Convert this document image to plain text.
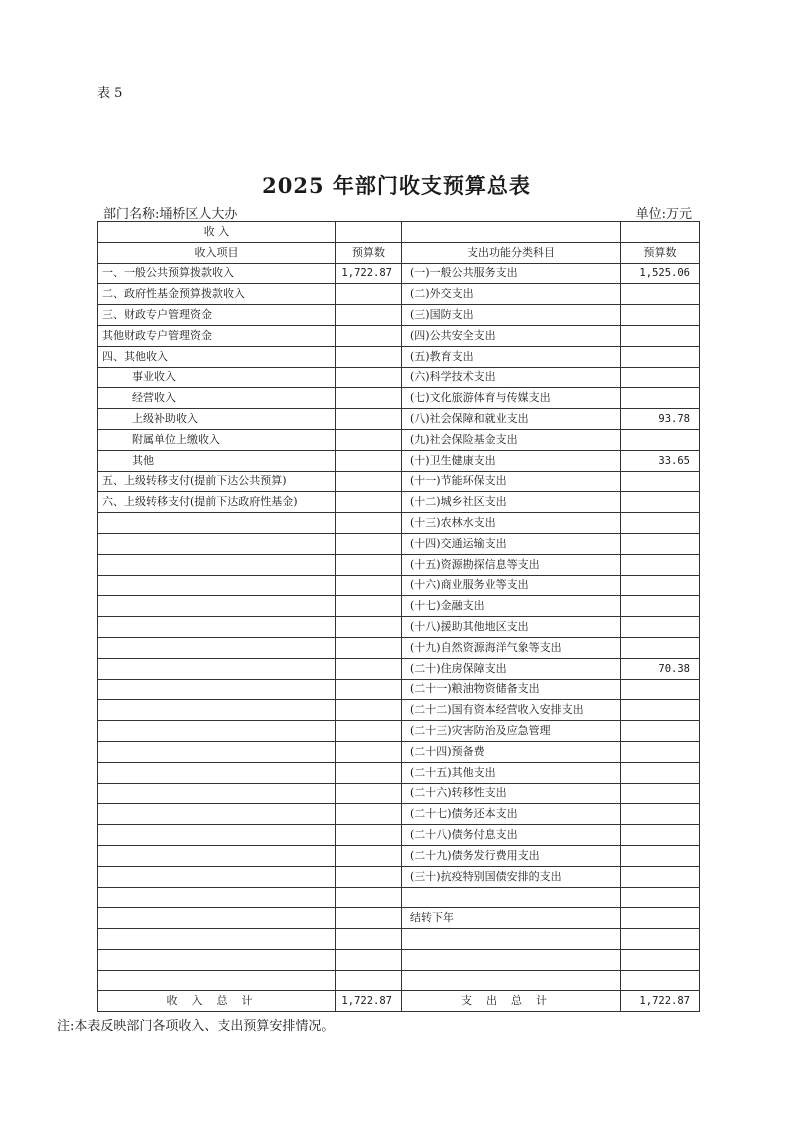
表 5
2025 年部门收支预算总表
部门名称:埇桥区人大办	单位:万元
收 入			
收入项目	预算数	支出功能分类科目	预算数
一、一般公共预算拨款收入	1,722.87	(一)一般公共服务支出	1,525.06
二、政府性基金预算拨款收入		(二)外交支出	
三、财政专户管理资金		(三)国防支出	
其他财政专户管理资金		(四)公共安全支出	
四、其他收入		(五)教育支出	
事业收入		(六)科学技术支出	
经营收入		(七)文化旅游体育与传媒支出	
上级补助收入		(八)社会保障和就业支出	93.78
附属单位上缴收入		(九)社会保险基金支出	
其他		(十)卫生健康支出	33.65
五、上级转移支付(提前下达公共预算)		(十一)节能环保支出	
六、上级转移支付(提前下达政府性基金)		(十二)城乡社区支出	
		(十三)农林水支出	
		(十四)交通运输支出	
		(十五)资源勘探信息等支出	
		(十六)商业服务业等支出	
		(十七)金融支出	
		(十八)援助其他地区支出	
		(十九)自然资源海洋气象等支出	
		(二十)住房保障支出	70.38
		(二十一)粮油物资储备支出	
		(二十二)国有资本经营收入安排支出	
		(二十三)灾害防治及应急管理	
		(二十四)预备费	
		(二十五)其他支出	
		(二十六)转移性支出	
		(二十七)债务还本支出	
		(二十八)债务付息支出	
		(二十九)债务发行费用支出	
		(三十)抗疫特别国债安排的支出	

		结转下年	

收入总计	1,722.87	支出总计	1,722.87
注:本表反映部门各项收入、支出预算安排情况。
